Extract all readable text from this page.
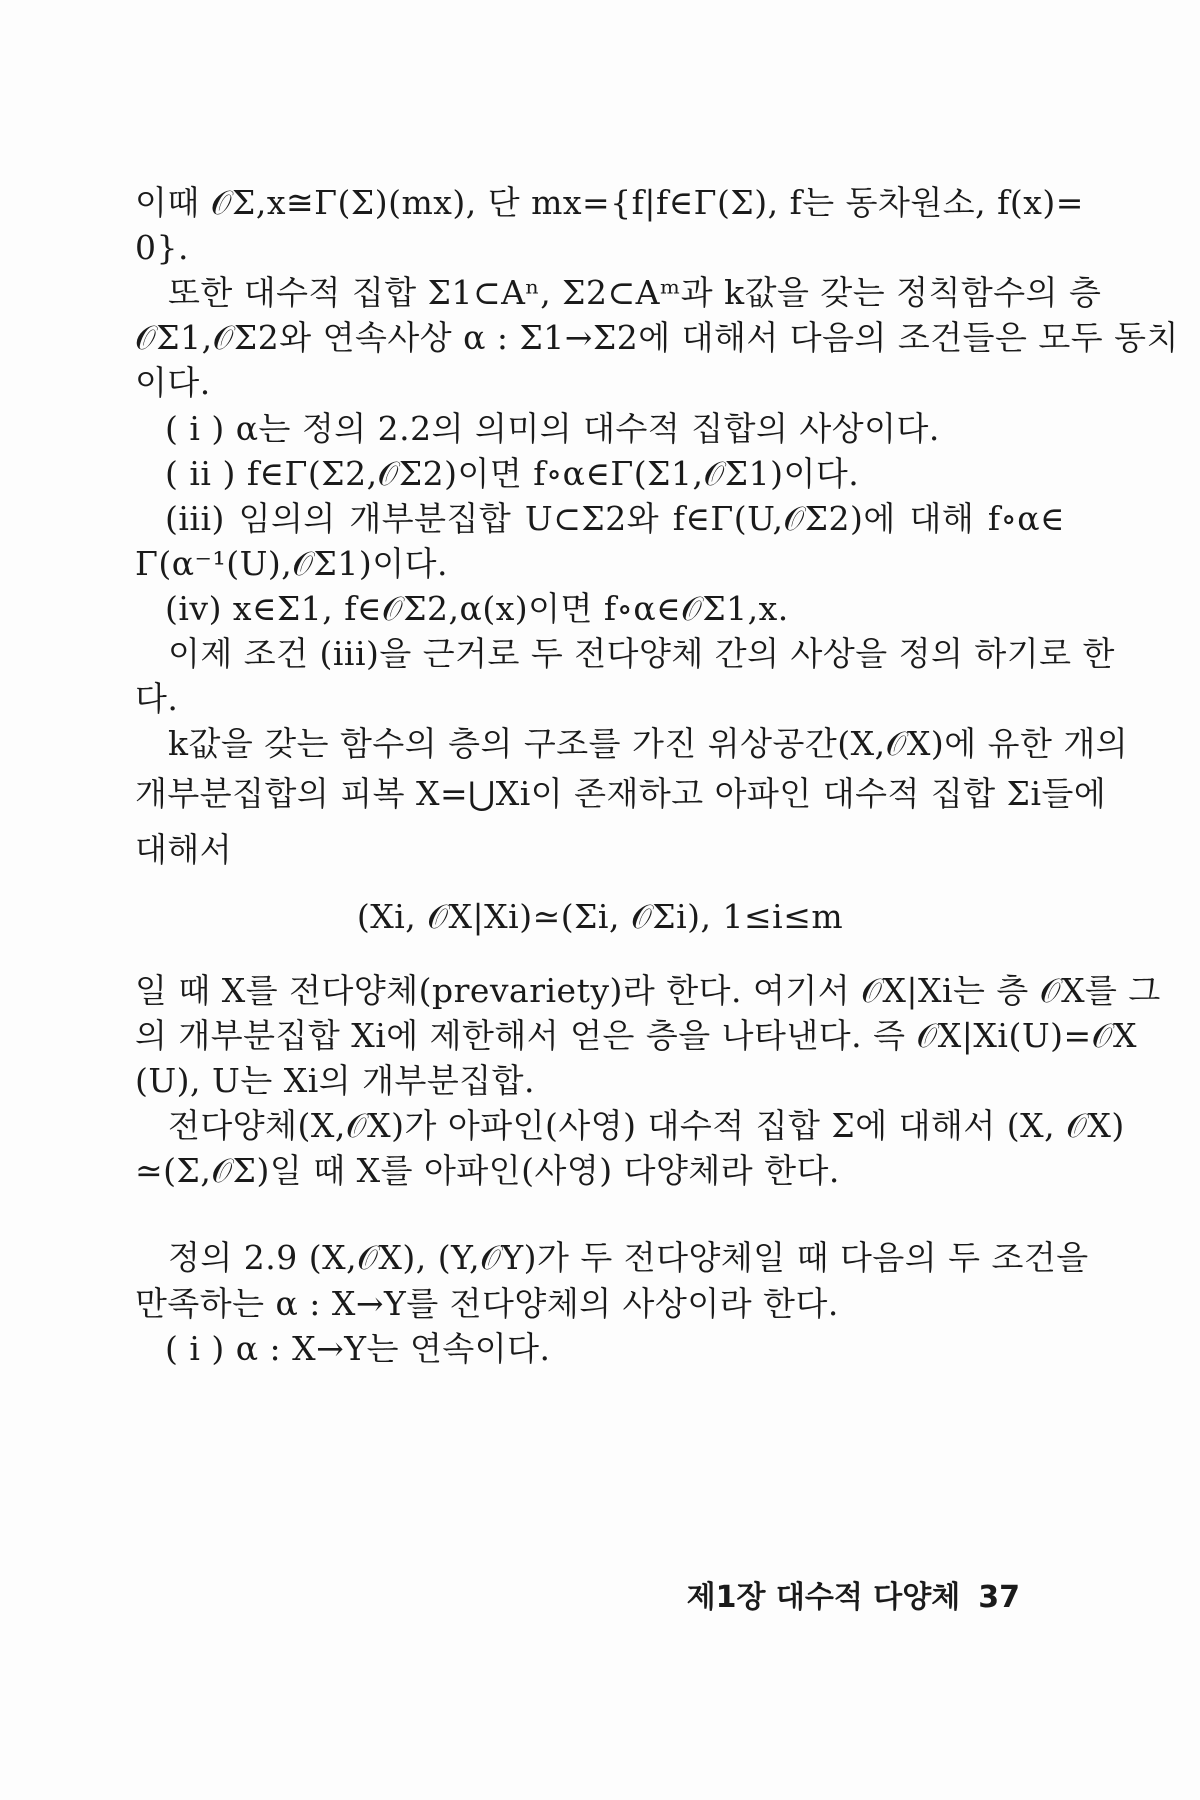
이때 𝒪Σ,x≅Γ(Σ)(mx), 단 mx={f|f∈Γ(Σ), f는 동차원소, f(x)=
0}.
또한 대수적 집합 Σ1⊂Aⁿ, Σ2⊂Aᵐ과 k값을 갖는 정칙함수의 층
𝒪Σ1,𝒪Σ2와 연속사상 α : Σ1→Σ2에 대해서 다음의 조건들은 모두 동치
이다.
( i ) α는 정의 2.2의 의미의 대수적 집합의 사상이다.
( ii ) f∈Γ(Σ2,𝒪Σ2)이면 f∘α∈Γ(Σ1,𝒪Σ1)이다.
(iii) 임의의 개부분집합 U⊂Σ2와 f∈Γ(U,𝒪Σ2)에 대해 f∘α∈
Γ(α⁻¹(U),𝒪Σ1)이다.
(iv) x∈Σ1, f∈𝒪Σ2,α(x)이면 f∘α∈𝒪Σ1,x.
이제 조건 (iii)을 근거로 두 전다양체 간의 사상을 정의 하기로 한
다.
k값을 갖는 함수의 층의 구조를 가진 위상공간(X,𝒪X)에 유한 개의
개부분집합의 피복 X=⋃Xi이 존재하고 아파인 대수적 집합 Σi들에
대해서
(Xi, 𝒪X|Xi)≃(Σi, 𝒪Σi), 1≤i≤m
일 때 X를 전다양체(prevariety)라 한다. 여기서 𝒪X|Xi는 층 𝒪X를 그
의 개부분집합 Xi에 제한해서 얻은 층을 나타낸다. 즉 𝒪X|Xi(U)=𝒪X
(U), U는 Xi의 개부분집합.
전다양체(X,𝒪X)가 아파인(사영) 대수적 집합 Σ에 대해서 (X, 𝒪X)
≃(Σ,𝒪Σ)일 때 X를 아파인(사영) 다양체라 한다.
정의 2.9 (X,𝒪X), (Y,𝒪Y)가 두 전다양체일 때 다음의 두 조건을
만족하는 α : X→Y를 전다양체의 사상이라 한다.
( i ) α : X→Y는 연속이다.
제1장 대수적 다양체 37
